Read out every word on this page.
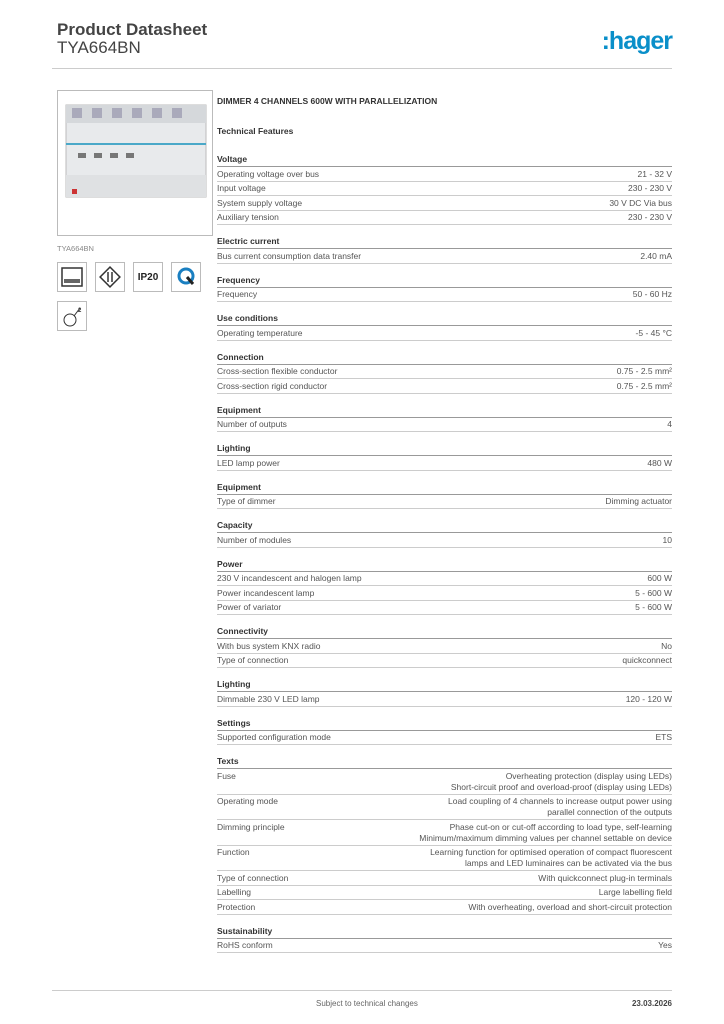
Product Datasheet
TYA664BN	:hager
TYA664BN
IP20
2
DIMMER 4 CHANNELS 600W WITH PARALLELIZATION
Technical Features
Voltage
Operating voltage over bus	21 - 32 V
Input voltage	230 - 230 V
System supply voltage	30 V DC Via bus
Auxiliary tension	230 - 230 V
Electric current
Bus current consumption data transfer	2.40 mA
Frequency
Frequency	50 - 60 Hz
Use conditions
Operating temperature	-5 - 45 °C
Connection
Cross-section flexible conductor	0.75 - 2.5 mm²
Cross-section rigid conductor	0.75 - 2.5 mm²
Equipment
Number of outputs	4
Lighting
LED lamp power	480 W
Equipment
Type of dimmer	Dimming actuator
Capacity
Number of modules	10
Power
230 V incandescent and halogen lamp	600 W
Power incandescent lamp	5 - 600 W
Power of variator	5 - 600 W
Connectivity
With bus system KNX radio	No
Type of connection	quickconnect
Lighting
Dimmable 230 V LED lamp	120 - 120 W
Settings
Supported configuration mode	ETS
Texts
Fuse	Overheating protection (display using LEDs)
Short-circuit proof and overload-proof (display using LEDs)
Operating mode	Load coupling of 4 channels to increase output power using
parallel connection of the outputs
Dimming principle	Phase cut-on or cut-off according to load type, self-learning
Minimum/maximum dimming values per channel settable on device
Function	Learning function for optimised operation of compact fluorescent
lamps and LED luminaires can be activated via the bus
Type of connection	With quickconnect plug-in terminals
Labelling	Large labelling field
Protection	With overheating, overload and short-circuit protection
Sustainability
RoHS conform	Yes
Subject to technical changes	23.03.2026
